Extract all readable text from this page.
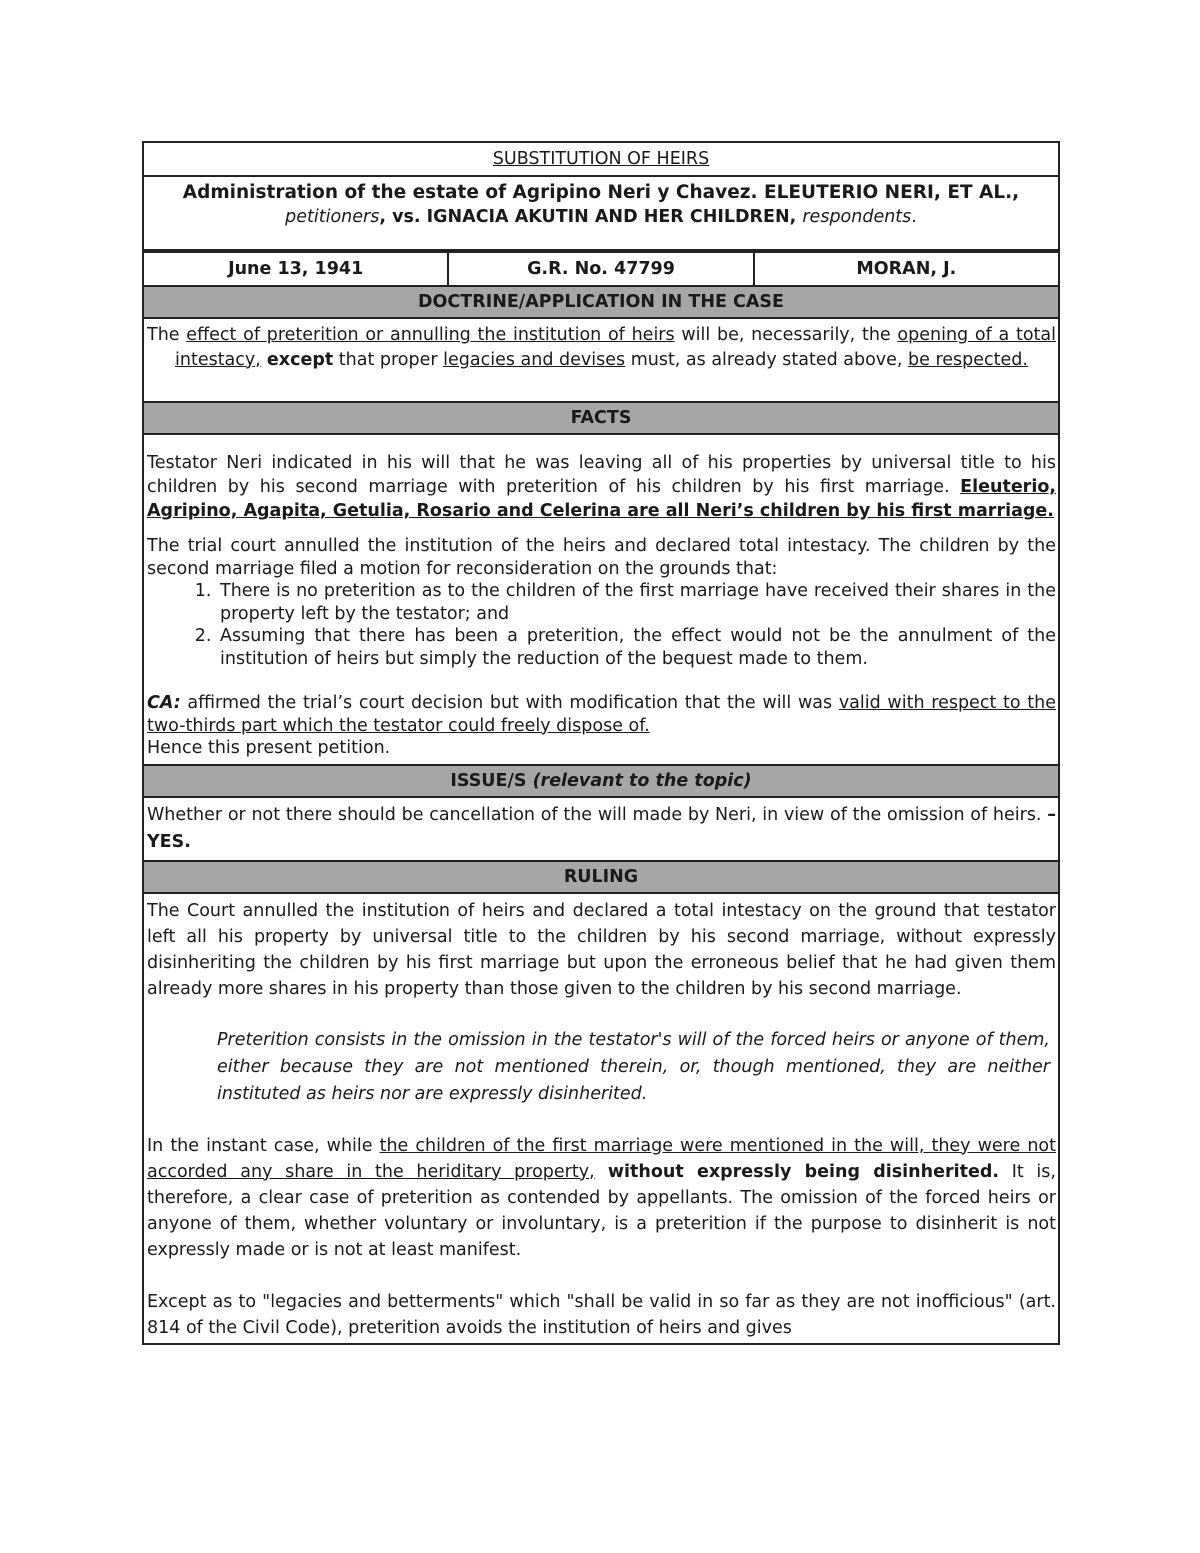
SUBSTITUTION OF HEIRS
Administration of the estate of Agripino Neri y Chavez. ELEUTERIO NERI, ET AL.,
petitioners, vs. IGNACIA AKUTIN AND HER CHILDREN, respondents.
June 13, 1941	G.R. No. 47799	MORAN, J.
DOCTRINE/APPLICATION IN THE CASE
The effect of preterition or annulling the institution of heirs will be, necessarily, the opening of a total intestacy, except that proper legacies and devises must, as already stated above, be respected.
FACTS

Testator Neri indicated in his will that he was leaving all of his properties by universal title to his children by his second marriage with preterition of his children by his first marriage. Eleuterio, Agripino, Agapita, Getulia, Rosario and Celerina are all Neri’s children by his first marriage.

The trial court annulled the institution of the heirs and declared total intestacy. The children by the second marriage filed a motion for reconsideration on the grounds that:

1. There is no preterition as to the children of the first marriage have received their shares in the property left by the testator; and
2. Assuming that there has been a preterition, the effect would not be the annulment of the institution of heirs but simply the reduction of the bequest made to them.

CA: affirmed the trial’s court decision but with modification that the will was valid with respect to the two-thirds part which the testator could freely dispose of.

Hence this present petition.

ISSUE/S (relevant to the topic)
Whether or not there should be cancellation of the will made by Neri, in view of the omission of heirs. – YES.
RULING

The Court annulled the institution of heirs and declared a total intestacy on the ground that testator left all his property by universal title to the children by his second marriage, without expressly disinheriting the children by his first marriage but upon the erroneous belief that he had given them already more shares in his property than those given to the children by his second marriage.

Preterition consists in the omission in the testator's will of the forced heirs or anyone of them, either because they are not mentioned therein, or, though mentioned, they are neither instituted as heirs nor are expressly disinherited.

In the instant case, while the children of the first marriage were mentioned in the will, they were not accorded any share in the heriditary property, without expressly being disinherited. It is, therefore, a clear case of preterition as contended by appellants. The omission of the forced heirs or anyone of them, whether voluntary or involuntary, is a preterition if the purpose to disinherit is not expressly made or is not at least manifest.

Except as to "legacies and betterments" which "shall be valid in so far as they are not inofficious" (art. 814 of the Civil Code), preterition avoids the institution of heirs and gives
